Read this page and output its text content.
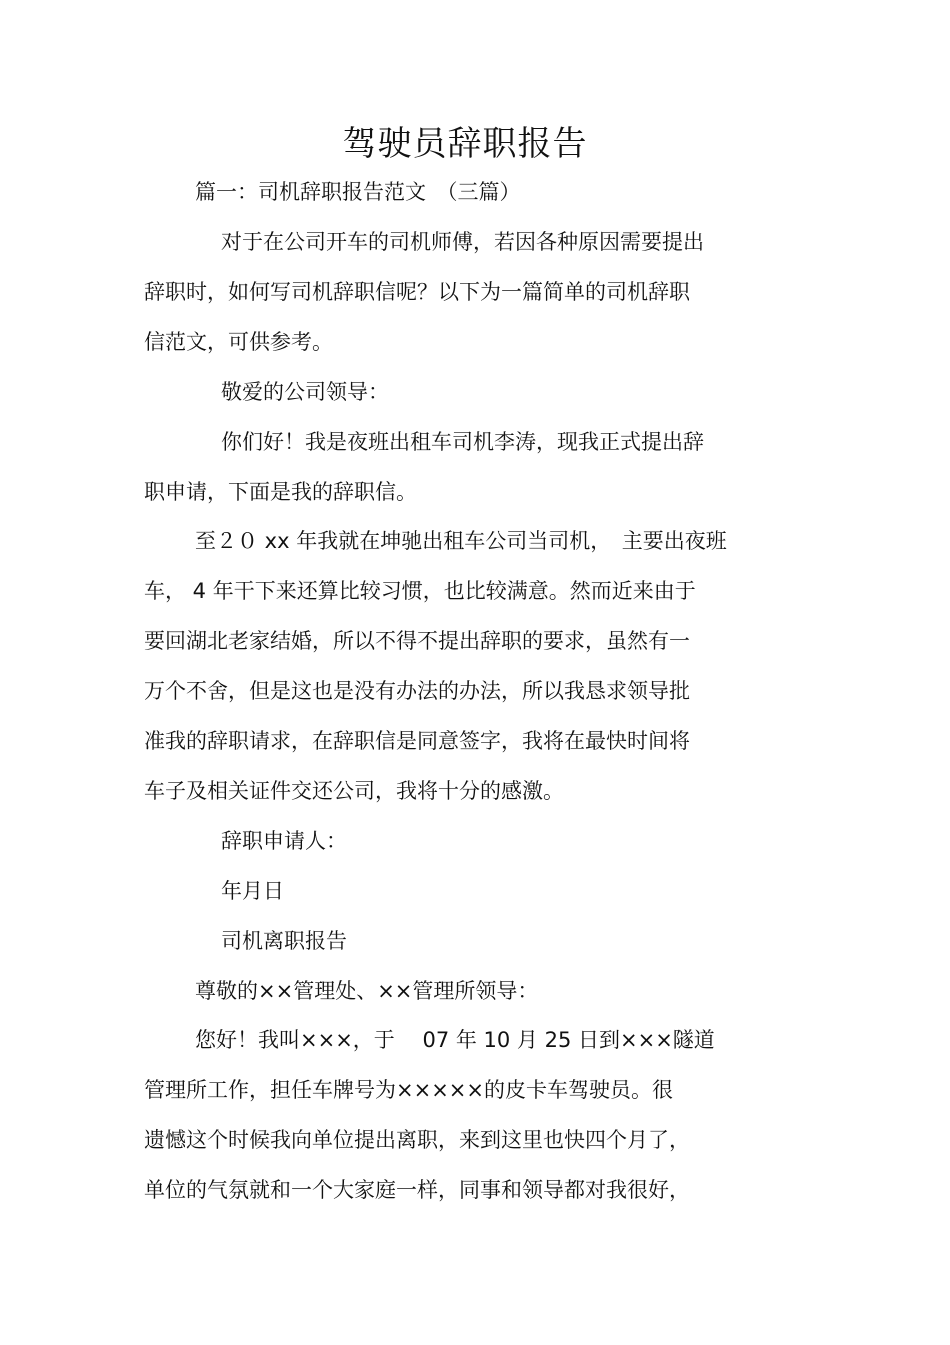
驾驶员辞职报告
篇一：司机辞职报告范文　（三篇）
对于在公司开车的司机师傅，若因各种原因需要提出
辞职时，如何写司机辞职信呢？以下为一篇简单的司机辞职
信范文，可供参考。
敬爱的公司领导：
你们好！我是夜班出租车司机李涛，现我正式提出辞
职申请，下面是我的辞职信。
至２０ xx 年我就在坤驰出租车公司当司机，　主要出夜班
车， 4 年干下来还算比较习惯，也比较满意。然而近来由于
要回湖北老家结婚，所以不得不提出辞职的要求，虽然有一
万个不舍，但是这也是没有办法的办法，所以我恳求领导批
准我的辞职请求，在辞职信是同意签字，我将在最快时间将
车子及相关证件交还公司，我将十分的感激。
辞职申请人：
年月日
司机离职报告
尊敬的××管理处、××管理所领导：
您好！我叫×××，于　 07 年 10 月 25 日到×××隧道
管理所工作，担任车牌号为×××××的皮卡车驾驶员。很
遗憾这个时候我向单位提出离职，来到这里也快四个月了，
单位的气氛就和一个大家庭一样，同事和领导都对我很好，
